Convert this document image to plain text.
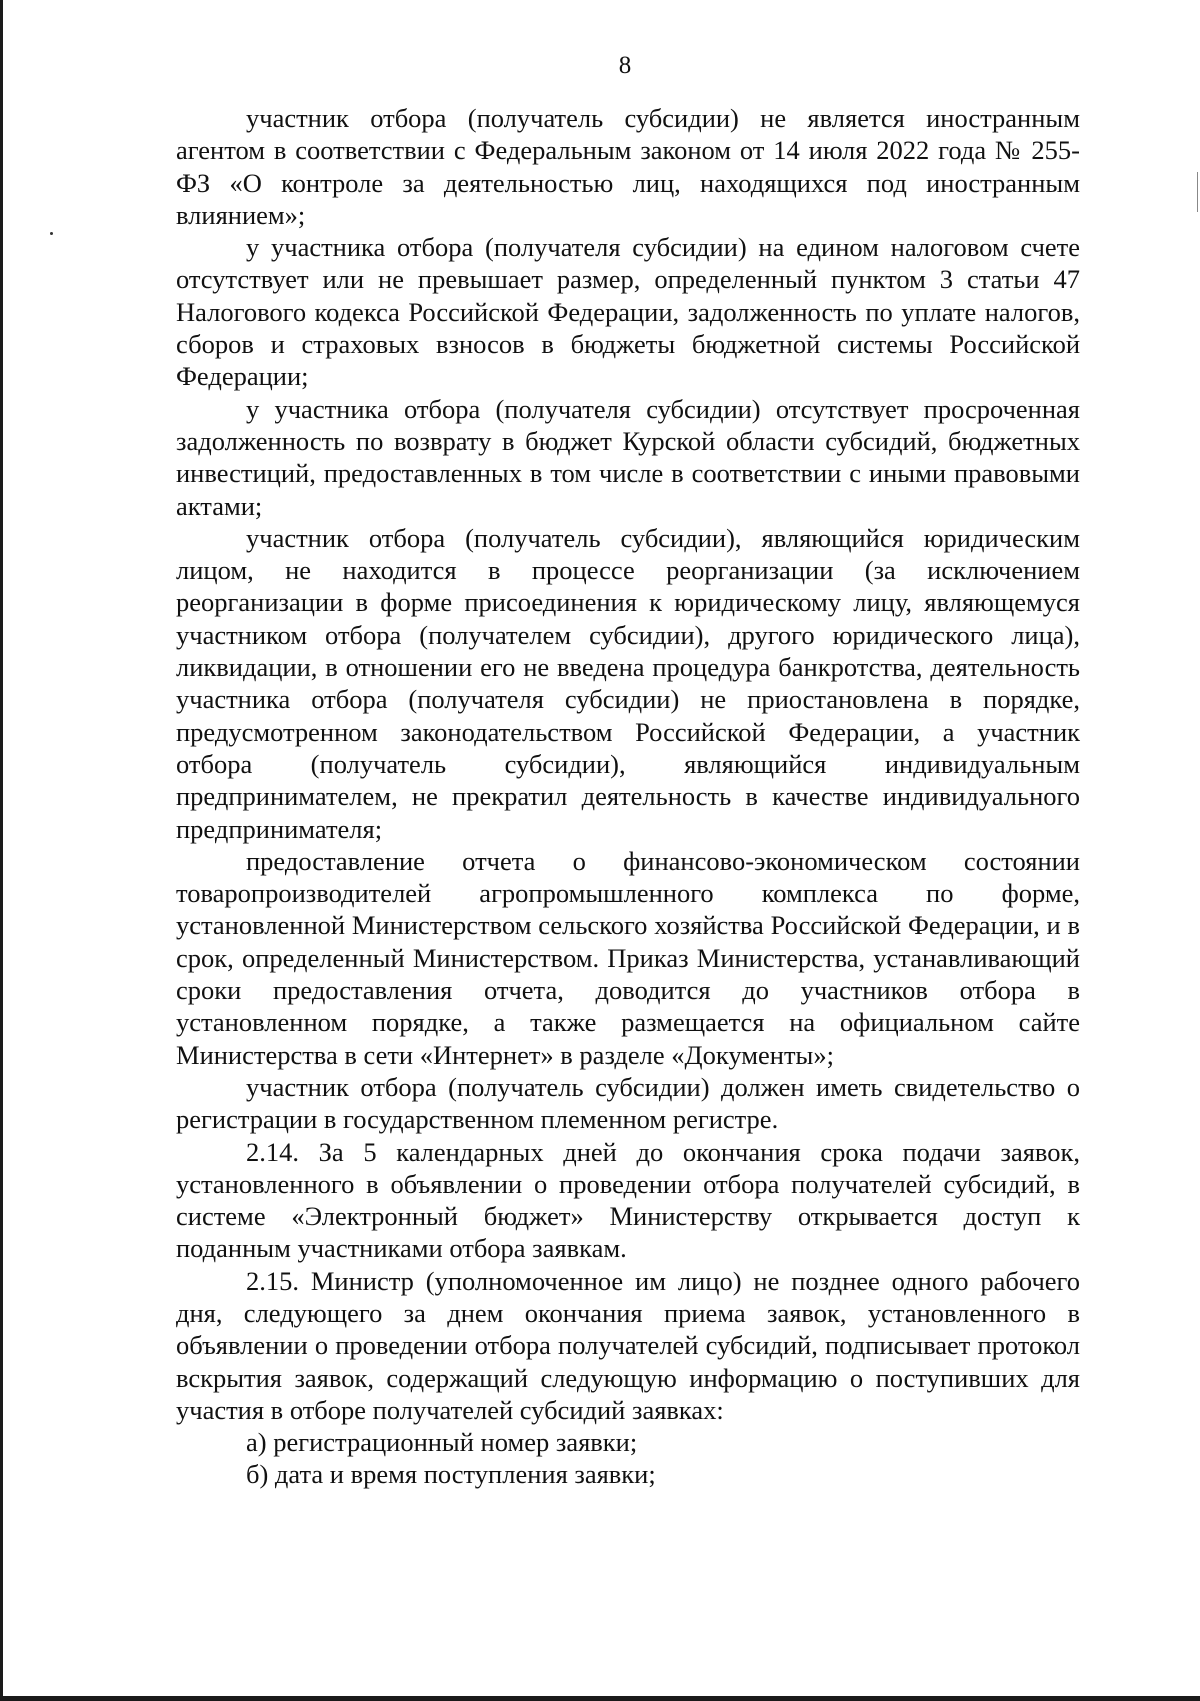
8

участник отбора (получатель субсидии) не является иностранным агентом в соответствии с Федеральным законом от 14 июля 2022 года № 255-ФЗ «О контроле за деятельностью лиц, находящихся под иностранным влиянием»;

у участника отбора (получателя субсидии) на едином налоговом счете отсутствует или не превышает размер, определенный пунктом 3 статьи 47 Налогового кодекса Российской Федерации, задолженность по уплате налогов, сборов и страховых взносов в бюджеты бюджетной системы Российской Федерации;

у участника отбора (получателя субсидии) отсутствует просроченная задолженность по возврату в бюджет Курской области субсидий, бюджетных инвестиций, предоставленных в том числе в соответствии с иными правовыми актами;

участник отбора (получатель субсидии), являющийся юридическим лицом, не находится в процессе реорганизации (за исключением реорганизации в форме присоединения к юридическому лицу, являющемуся участником отбора (получателем субсидии), другого юридического лица), ликвидации, в отношении его не введена процедура банкротства, деятельность участника отбора (получателя субсидии) не приостановлена в порядке, предусмотренном законодательством Российской Федерации, а участник отбора (получатель субсидии), являющийся индивидуальным предпринимателем, не прекратил деятельность в качестве индивидуального предпринимателя;

предоставление отчета о финансово-экономическом состоянии товаропроизводителей агропромышленного комплекса по форме, установленной Министерством сельского хозяйства Российской Федерации, и в срок, определенный Министерством. Приказ Министерства, устанавливающий сроки предоставления отчета, доводится до участников отбора в установленном порядке, а также размещается на официальном сайте Министерства в сети «Интернет» в разделе «Документы»;

участник отбора (получатель субсидии) должен иметь свидетельство о регистрации в государственном племенном регистре.

2.14. За 5 календарных дней до окончания срока подачи заявок, установленного в объявлении о проведении отбора получателей субсидий, в системе «Электронный бюджет» Министерству открывается доступ к поданным участниками отбора заявкам.

2.15. Министр (уполномоченное им лицо) не позднее одного рабочего дня, следующего за днем окончания приема заявок, установленного в объявлении о проведении отбора получателей субсидий, подписывает протокол вскрытия заявок, содержащий следующую информацию о поступивших для участия в отборе получателей субсидий заявках:

а) регистрационный номер заявки;

б) дата и время поступления заявки;
